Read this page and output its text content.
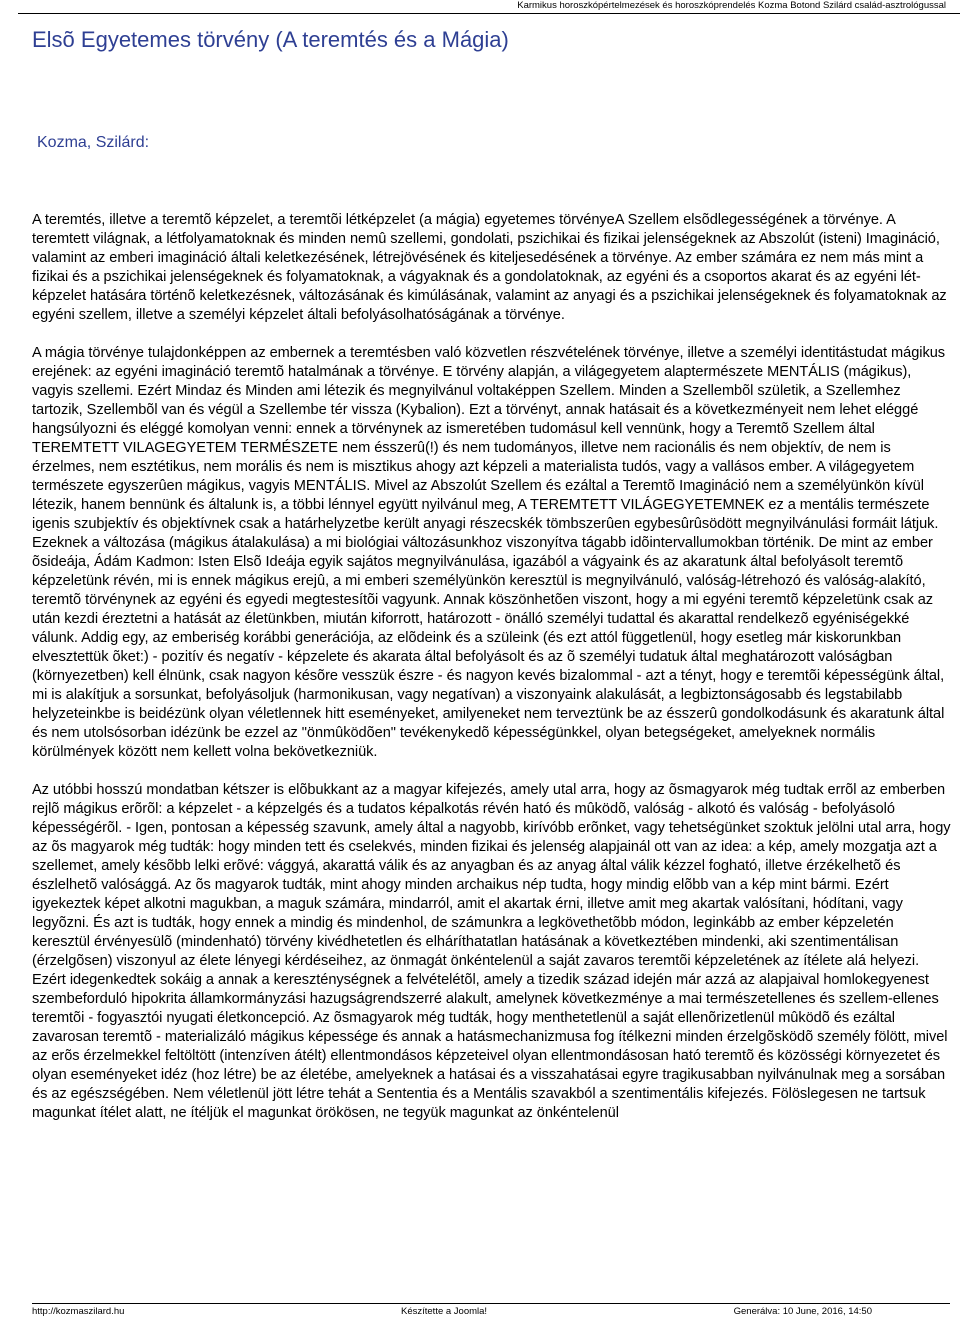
Karmikus horoszkópértelmezések és horoszkóprendelés Kozma Botond Szilárd család-asztrológussal
Elsõ Egyetemes törvény (A teremtés és a Mágia)

Kozma, Szilárd:

A teremtés, illetve a teremtõ képzelet, a teremtõi létképzelet (a mágia) egyetemes törvényeA Szellem elsõdlegességének a törvénye. A teremtett világnak, a létfolyamatoknak és minden nemû szellemi, gondolati, pszichikai és fizikai jelenségeknek az Abszolút (isteni) Imagináció, valamint az emberi imagináció általi keletkezésének, létrejövésének és kiteljesedésének a törvénye. Az ember számára ez nem más mint a fizikai és a pszichikai jelenségeknek és folyamatoknak, a vágyaknak és a gondolatoknak, az egyéni és a csoportos akarat és az egyéni lét-képzelet hatására történõ keletkezésnek, változásának és kimúlásának, valamint az anyagi és a pszichikai jelenségeknek és folyamatoknak az egyéni szellem, illetve a személyi képzelet általi befolyásolhatóságának a törvénye.

A mágia törvénye tulajdonképpen az embernek a teremtésben való közvetlen részvételének törvénye, illetve a személyi identitástudat mágikus erejének: az egyéni imagináció teremtõ hatalmának a törvénye. E törvény alapján, a világegyetem alaptermészete MENTÁLIS (mágikus), vagyis szellemi. Ezért Mindaz és Minden ami létezik és megnyilvánul voltaképpen Szellem. Minden a Szellembõl születik, a Szellemhez tartozik, Szellembõl van és végül a Szellembe tér vissza (Kybalion). Ezt a törvényt, annak hatásait és a következményeit nem lehet eléggé hangsúlyozni és eléggé komolyan venni: ennek a törvénynek az ismeretében tudomásul kell vennünk, hogy a Teremtõ Szellem által TEREMTETT VILAGEGYETEM TERMÉSZETE nem ésszerû(!) és nem tudományos, illetve nem racionális és nem objektív, de nem is érzelmes, nem esztétikus, nem morális és nem is misztikus ahogy azt képzeli a materialista tudós, vagy a vallásos ember. A világegyetem természete egyszerûen mágikus, vagyis MENTÁLIS. Mivel az Abszolút Szellem és ezáltal a Teremtõ Imagináció nem a személyünkön kívül létezik, hanem bennünk és általunk is, a többi lénnyel együtt nyilvánul meg, A TEREMTETT VILÁGEGYETEMNEK ez a mentális természete igenis szubjektív és objektívnek csak a határhelyzetbe került anyagi részecskék tömbszerûen egybesûrûsödött megnyilvánulási formáit látjuk. Ezeknek a változása (mágikus átalakulása) a mi biológiai változásunkhoz viszonyítva tágabb idõintervallumokban történik. De mint az ember õsideája, Ádám Kadmon: Isten Elsõ Ideája egyik sajátos megnyilvánulása, igazából a vágyaink és az akaratunk által befolyásolt teremtõ képzeletünk révén, mi is ennek mágikus erejû, a mi emberi személyünkön keresztül is megnyilvánuló, valóság-létrehozó és valóság-alakító, teremtõ törvénynek az egyéni és egyedi megtestesítõi vagyunk. Annak köszönhetõen viszont, hogy a mi egyéni teremtõ képzeletünk csak az után kezdi éreztetni a hatását az életünkben, miután kiforrott, határozott - önálló személyi tudattal és akarattal rendelkezõ egyéniségekké válunk. Addig egy, az emberiség korábbi generációja, az elõdeink és a szüleink (és ezt attól függetlenül, hogy esetleg már kiskorunkban elvesztettük õket:) - pozitív és negatív - képzelete és akarata által befolyásolt és az õ személyi tudatuk által meghatározott valóságban (környezetben) kell élnünk, csak nagyon késõre vesszük észre - és nagyon kevés bizalommal - azt a tényt, hogy e teremtõi képességünk által, mi is alakítjuk a sorsunkat, befolyásoljuk (harmonikusan, vagy negatívan) a viszonyaink alakulását, a legbiztonságosabb és legstabilabb helyzeteinkbe is beidézünk olyan véletlennek hitt eseményeket, amilyeneket nem terveztünk be az ésszerû gondolkodásunk és akaratunk által és nem utolsósorban idézünk be ezzel az "önmûködõen" tevékenykedõ képességünkkel, olyan betegségeket, amelyeknek normális körülmények között nem kellett volna bekövetkezniük.

Az utóbbi hosszú mondatban kétszer is elõbukkant az a magyar kifejezés, amely utal arra, hogy az õsmagyarok még tudtak errõl az emberben rejlõ mágikus erõrõl: a képzelet - a képzelgés és a tudatos képalkotás révén ható és mûködõ, valóság - alkotó és valóság - befolyásoló képességérõl. - Igen, pontosan a képesség szavunk, amely által a nagyobb, kirívóbb erõnket, vagy tehetségünket szoktuk jelölni utal arra, hogy az õs magyarok még tudták: hogy minden tett és cselekvés, minden fizikai és jelenség alapjainál ott van az idea: a kép, amely mozgatja azt a szellemet, amely késõbb lelki erõvé: vággyá, akarattá válik és az anyagban és az anyag által válik kézzel fogható, illetve érzékelhetõ és észlelhetõ valósággá. Az õs magyarok tudták, mint ahogy minden archaikus nép tudta, hogy mindig elõbb van a kép mint bármi. Ezért igyekeztek képet alkotni magukban, a maguk számára, mindarról, amit el akartak érni, illetve amit meg akartak valósítani, hódítani, vagy legyõzni. És azt is tudták, hogy ennek a mindig és mindenhol, de számunkra a legkövethetõbb módon, leginkább az ember képzeletén keresztül érvényesülõ (mindenható) törvény kivédhetetlen és elháríthatatlan hatásának a következtében mindenki, aki szentimentálisan (érzelgõsen) viszonyul az élete lényegi kérdéseihez, az önmagát önkéntelenül a saját zavaros teremtõi képzeletének az ítélete alá helyezi. Ezért idegenkedtek sokáig a annak a kereszténységnek a felvételétõl, amely a tizedik század idején már azzá az alapjaival homlokegyenest szembeforduló hipokrita államkormányzási hazugságrendszerré alakult, amelynek következménye a mai természetellenes és szellem-ellenes teremtõi - fogyasztói nyugati életkoncepció. Az õsmagyarok még tudták, hogy menthetetlenül a saját ellenõrizetlenül mûködõ és ezáltal zavarosan teremtõ - materializáló mágikus képessége és annak a hatásmechanizmusa fog ítélkezni minden érzelgõsködõ személy fölött, mivel az erõs érzelmekkel feltöltött (intenzíven átélt) ellentmondásos képzeteivel olyan ellentmondásosan ható teremtõ és közösségi környezetet és olyan eseményeket idéz (hoz létre) be az életébe, amelyeknek a hatásai és a visszahatásai egyre tragikusabban nyilvánulnak meg a sorsában és az egészségében. Nem véletlenül jött létre tehát a Sententia és a Mentális szavakból a szentimentális kifejezés. Fölöslegesen ne tartsuk magunkat ítélet alatt, ne ítéljük el magunkat örökösen, ne tegyük magunkat az önkéntelenül

http://kozmaszilard.hu	Készítette a Joomla!	Generálva: 10 June, 2016, 14:50
